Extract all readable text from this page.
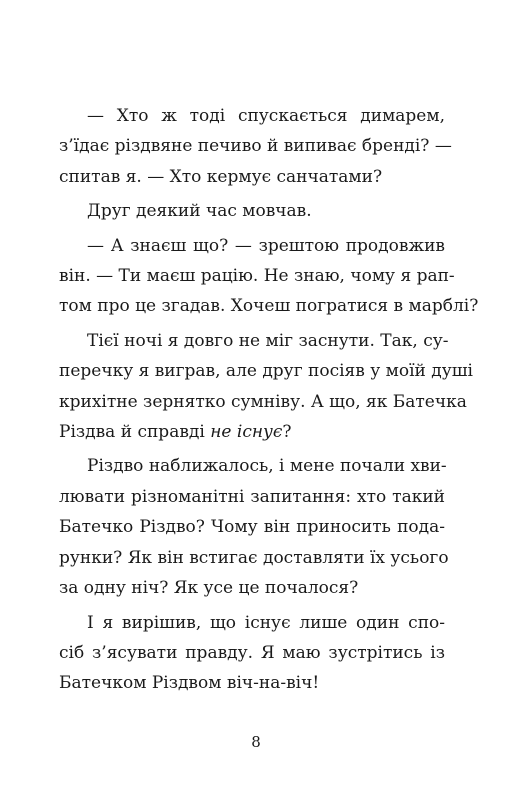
— Хто ж тоді спускається димарем,
з’їдає різдвяне печиво й випиває бренді? —
спитав я. — Хто кермує санчатами?

Друг деякий час мовчав.

— А знаєш що? — зрештою продовжив
він. — Ти маєш рацію. Не знаю, чому я рап-
том про це згадав. Хочеш погратися в марблі?

Тієї ночі я довго не міг заснути. Так, су-
перечку я виграв, але друг посіяв у моїй душі
крихітне зернятко сумніву. А що, як Батечка
Різдва й справді не існує?

Різдво наближалось, і мене почали хви-
лювати різноманітні запитання: хто такий
Батечко Різдво? Чому він приносить пода-
рунки? Як він встигає доставляти їх усього
за одну ніч? Як усе це почалося?

І я вирішив, що існує лише один спо-
сіб з’ясувати правду. Я маю зустрітись із
Батечком Різдвом віч-на-віч!

8
